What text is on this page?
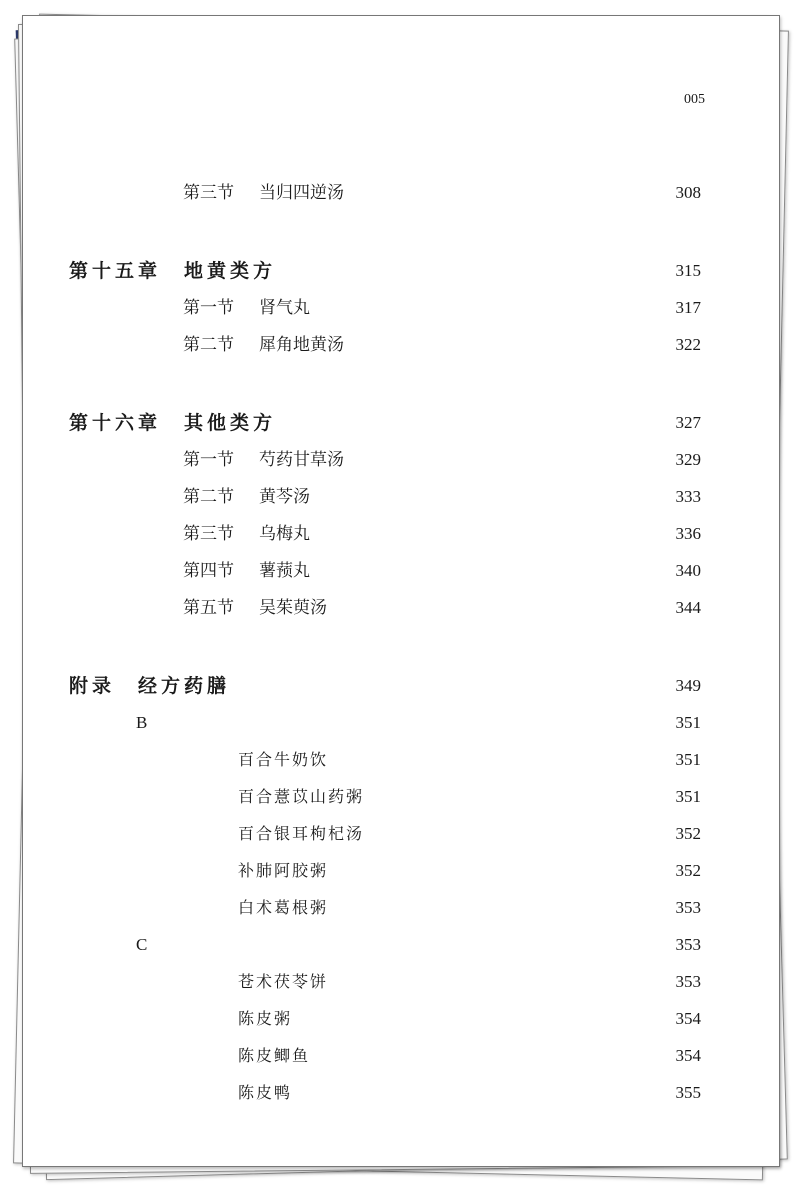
005
第三节 当归四逆汤	308
第十五章　地黄类方	315
第一节 肾气丸	317
第二节 犀角地黄汤	322
第十六章　其他类方	327
第一节 芍药甘草汤	329
第二节 黄芩汤	333
第三节 乌梅丸	336
第四节 薯蓣丸	340
第五节 吴茱萸汤	344
附录　经方药膳	349
B	351
百合牛奶饮	351
百合薏苡山药粥	351
百合银耳枸杞汤	352
补肺阿胶粥	352
白术葛根粥	353
C	353
苍术茯苓饼	353
陈皮粥	354
陈皮鲫鱼	354
陈皮鸭	355
